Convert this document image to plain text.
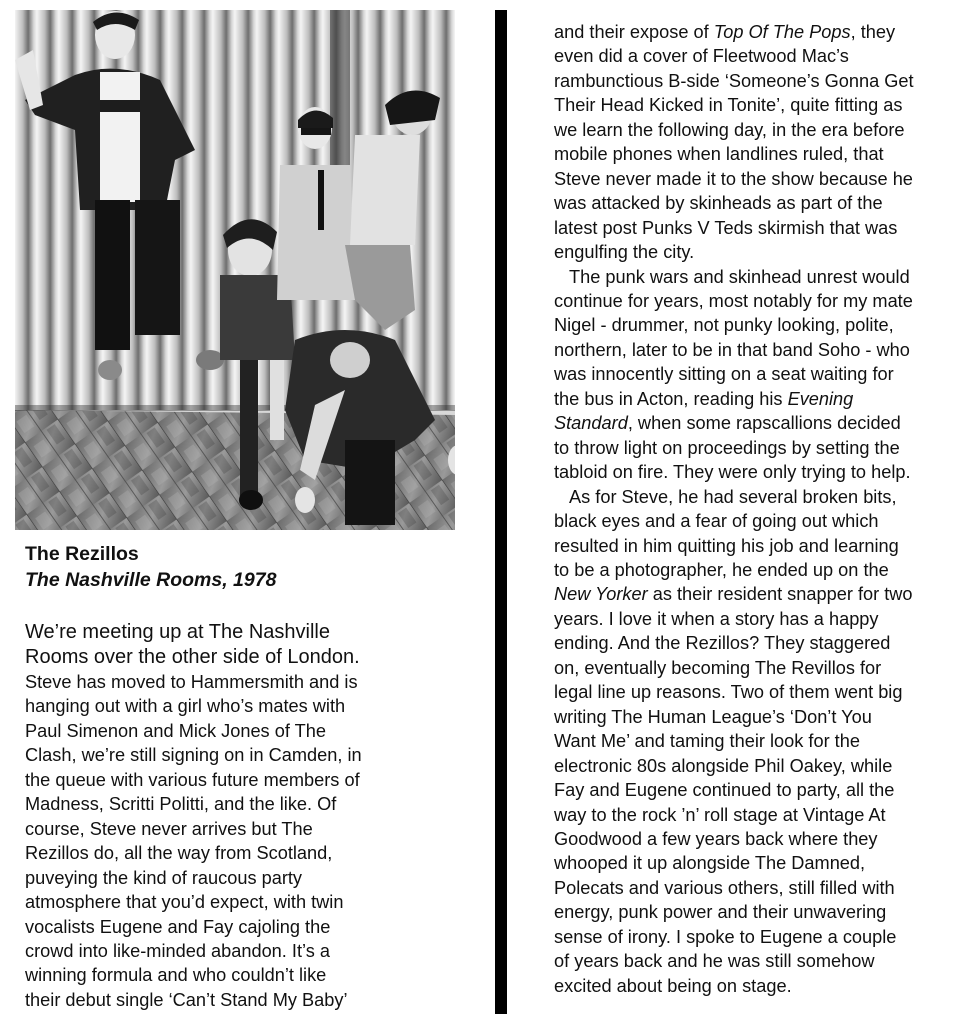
The Rezillos
The Nashville Rooms, 1978
We’re meeting up at The Nashville
Rooms over the other side of London.
Steve has moved to Hammersmith and is
hanging out with a girl who’s mates with
Paul Simenon and Mick Jones of The
Clash, we’re still signing on in Camden, in
the queue with various future members of
Madness, Scritti Politti, and the like. Of
course, Steve never arrives but The
Rezillos do, all the way from Scotland,
puveying the kind of raucous party
atmosphere that you’d expect, with twin
vocalists Eugene and Fay cajoling the
crowd into like-minded abandon. It’s a
winning formula and who couldn’t like
their debut single ‘Can’t Stand My Baby’
and their expose of Top Of The Pops, they
even did a cover of Fleetwood Mac’s
rambunctious B-side ‘Someone’s Gonna Get
Their Head Kicked in Tonite’, quite fitting as
we learn the following day, in the era before
mobile phones when landlines ruled, that
Steve never made it to the show because he
was attacked by skinheads as part of the
latest post Punks V Teds skirmish that was
engulfing the city.
The punk wars and skinhead unrest would
continue for years, most notably for my mate
Nigel - drummer, not punky looking, polite,
northern, later to be in that band Soho - who
was innocently sitting on a seat waiting for
the bus in Acton, reading his Evening
Standard, when some rapscallions decided
to throw light on proceedings by setting the
tabloid on fire. They were only trying to help.
As for Steve, he had several broken bits,
black eyes and a fear of going out which
resulted in him quitting his job and learning
to be a photographer, he ended up on the
New Yorker as their resident snapper for two
years. I love it when a story has a happy
ending. And the Rezillos? They staggered
on, eventually becoming The Revillos for
legal line up reasons. Two of them went big
writing The Human League’s ‘Don’t You
Want Me’ and taming their look for the
electronic 80s alongside Phil Oakey, while
Fay and Eugene continued to party, all the
way to the rock ’n’ roll stage at Vintage At
Goodwood a few years back where they
whooped it up alongside The Damned,
Polecats and various others, still filled with
energy, punk power and their unwavering
sense of irony. I spoke to Eugene a couple
of years back and he was still somehow
excited about being on stage.
